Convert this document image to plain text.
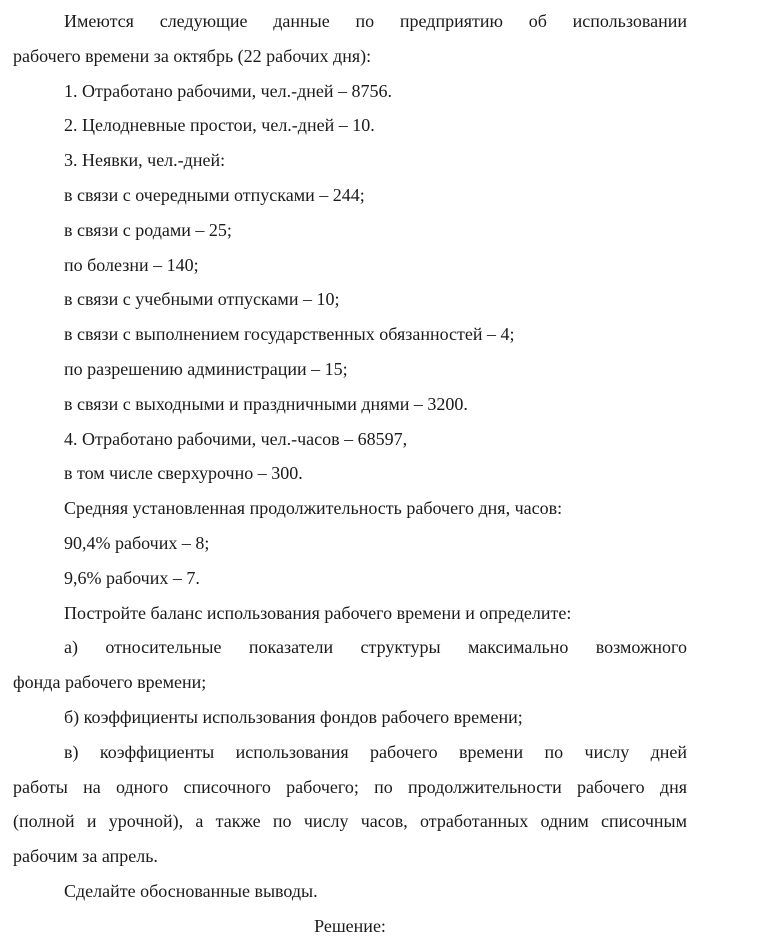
Имеются следующие данные по предприятию об использовании
рабочего времени за октябрь (22 рабочих дня):
1. Отработано рабочими, чел.-дней – 8756.
2. Целодневные простои, чел.-дней – 10.
3. Неявки, чел.-дней:
в связи с очередными отпусками – 244;
в связи с родами – 25;
по болезни – 140;
в связи с учебными отпусками – 10;
в связи с выполнением государственных обязанностей – 4;
по разрешению администрации – 15;
в связи с выходными и праздничными днями – 3200.
4. Отработано рабочими, чел.-часов – 68597,
в том числе сверхурочно – 300.
Средняя установленная продолжительность рабочего дня, часов:
90,4% рабочих – 8;
9,6% рабочих – 7.
Постройте баланс использования рабочего времени и определите:
а) относительные показатели структуры максимально возможного
фонда рабочего времени;
б) коэффициенты использования фондов рабочего времени;
в) коэффициенты использования рабочего времени по числу дней
работы на одного списочного рабочего; по продолжительности рабочего дня
(полной и урочной), а также по числу часов, отработанных одним списочным
рабочим за апрель.
Сделайте обоснованные выводы.
Решение:
